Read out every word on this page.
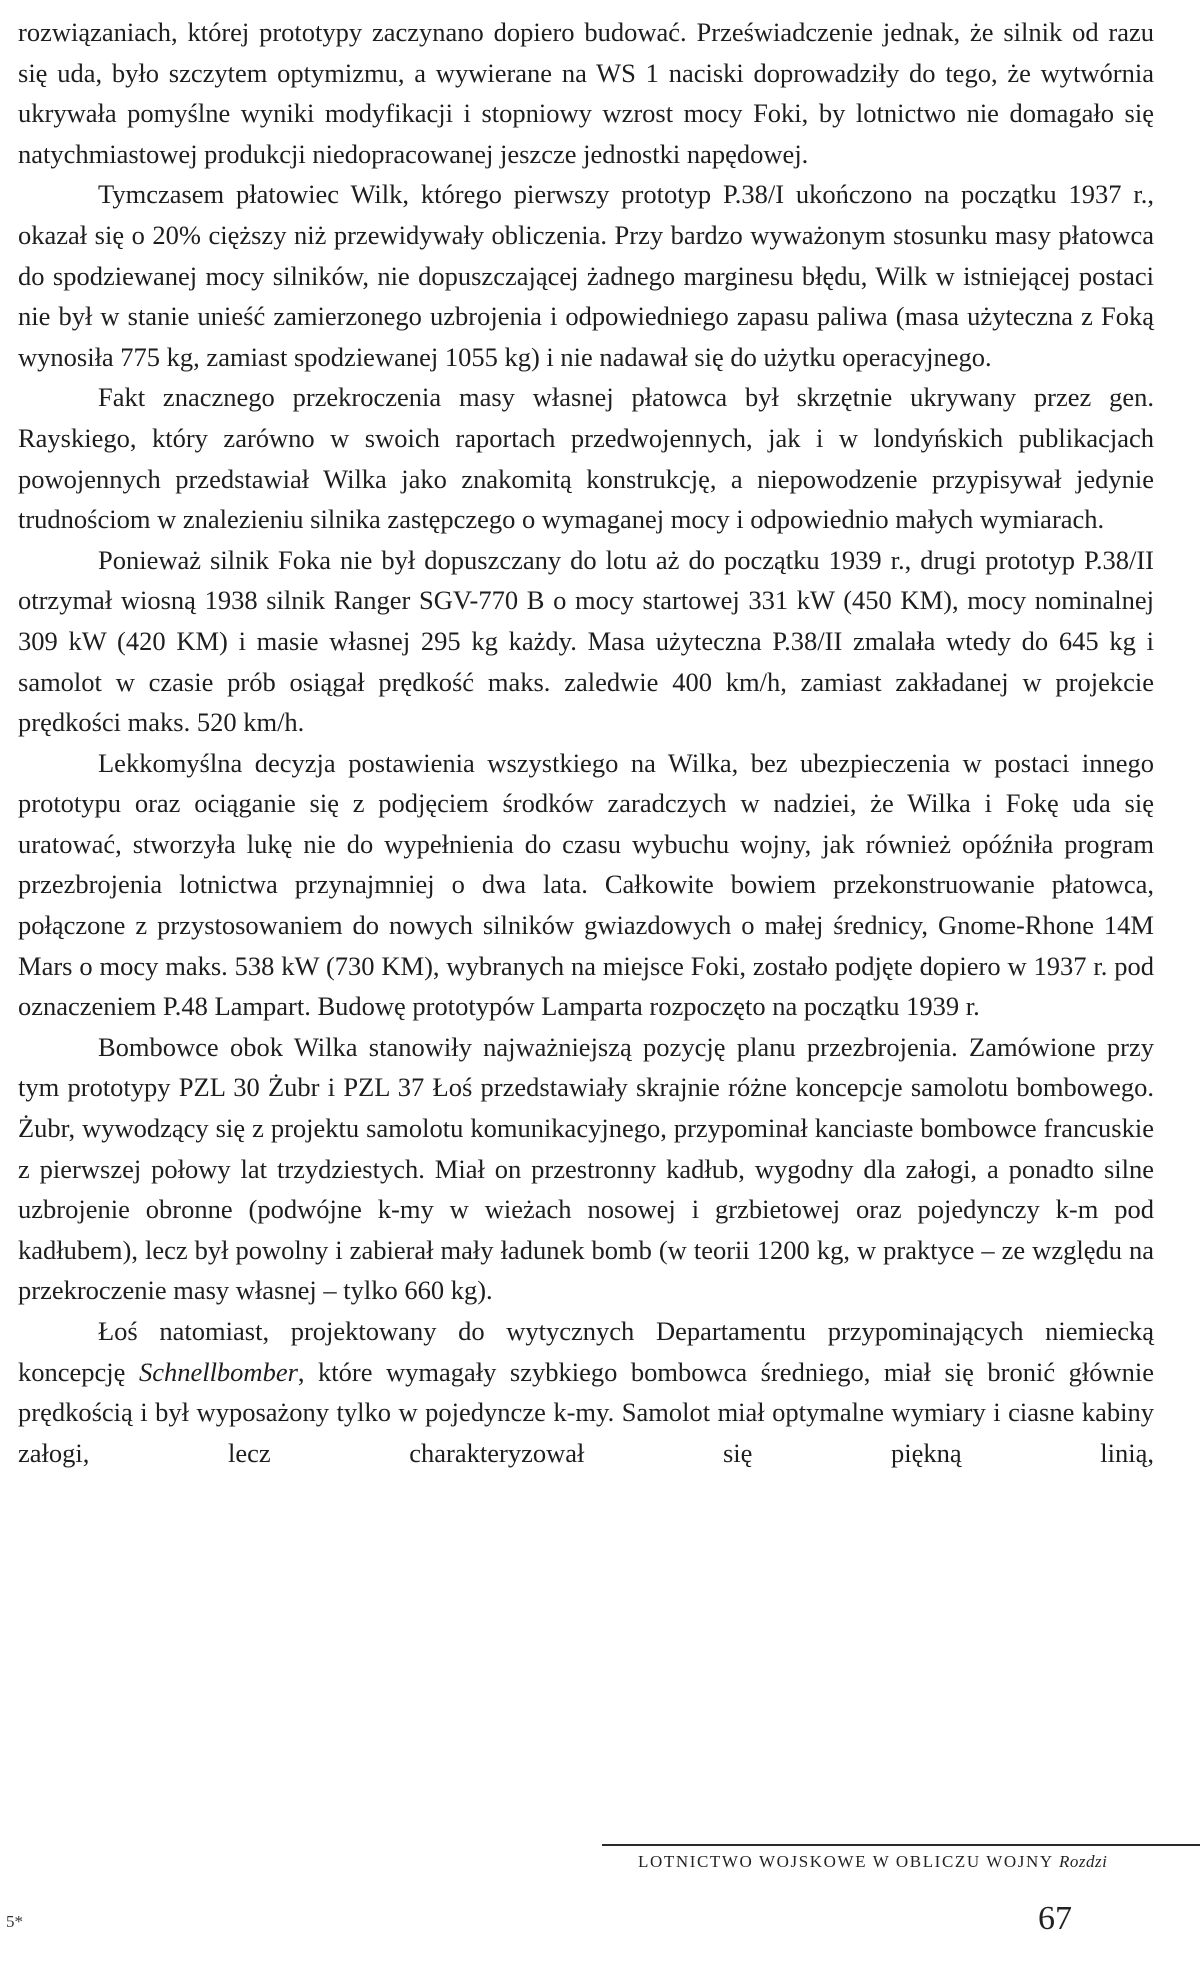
rozwiązaniach, której prototypy zaczynano dopiero budować. Przeświadczenie jednak, że silnik od razu się uda, było szczytem optymizmu, a wywierane na WS 1 naciski doprowadziły do tego, że wytwórnia ukrywała pomyślne wyniki modyfikacji i stopniowy wzrost mocy Foki, by lotnictwo nie domagało się natychmiastowej produkcji niedopracowanej jeszcze jednostki napędowej.

Tymczasem płatowiec Wilk, którego pierwszy prototyp P.38/I ukończono na początku 1937 r., okazał się o 20% cięższy niż przewidywały obliczenia. Przy bardzo wyważonym stosunku masy płatowca do spodziewanej mocy silników, nie dopuszczającej żadnego marginesu błędu, Wilk w istniejącej postaci nie był w stanie unieść zamierzonego uzbrojenia i odpowiedniego zapasu paliwa (masa użyteczna z Foką wynosiła 775 kg, zamiast spodziewanej 1055 kg) i nie nadawał się do użytku operacyjnego.

Fakt znacznego przekroczenia masy własnej płatowca był skrzętnie ukrywany przez gen. Rayskiego, który zarówno w swoich raportach przedwojennych, jak i w londyńskich publikacjach powojennych przedstawiał Wilka jako znakomitą konstrukcję, a niepowodzenie przypisywał jedynie trudnościom w znalezieniu silnika zastępczego o wymaganej mocy i odpowiednio małych wymiarach.

Ponieważ silnik Foka nie był dopuszczany do lotu aż do początku 1939 r., drugi prototyp P.38/II otrzymał wiosną 1938 silnik Ranger SGV-770 B o mocy startowej 331 kW (450 KM), mocy nominalnej 309 kW (420 KM) i masie własnej 295 kg każdy. Masa użyteczna P.38/II zmalała wtedy do 645 kg i samolot w czasie prób osiągał prędkość maks. zaledwie 400 km/h, zamiast zakładanej w projekcie prędkości maks. 520 km/h.

Lekkomyślna decyzja postawienia wszystkiego na Wilka, bez ubezpieczenia w postaci innego prototypu oraz ociąganie się z podjęciem środków zaradczych w nadziei, że Wilka i Fokę uda się uratować, stworzyła lukę nie do wypełnienia do czasu wybuchu wojny, jak również opóźniła program przezbrojenia lotnictwa przynajmniej o dwa lata. Całkowite bowiem przekonstruowanie płatowca, połączone z przystosowaniem do nowych silników gwiazdowych o małej średnicy, Gnome-Rhone 14M Mars o mocy maks. 538 kW (730 KM), wybranych na miejsce Foki, zostało podjęte dopiero w 1937 r. pod oznaczeniem P.48 Lampart. Budowę prototypów Lamparta rozpoczęto na początku 1939 r.

Bombowce obok Wilka stanowiły najważniejszą pozycję planu przezbrojenia. Zamówione przy tym prototypy PZL 30 Żubr i PZL 37 Łoś przedstawiały skrajnie różne koncepcje samolotu bombowego. Żubr, wywodzący się z projektu samolotu komunikacyjnego, przypominał kanciaste bombowce francuskie z pierwszej połowy lat trzydziestych. Miał on przestronny kadłub, wygodny dla załogi, a ponadto silne uzbrojenie obronne (podwójne k-my w wieżach nosowej i grzbietowej oraz pojedynczy k-m pod kadłubem), lecz był powolny i zabierał mały ładunek bomb (w teorii 1200 kg, w praktyce – ze względu na przekroczenie masy własnej – tylko 660 kg).

Łoś natomiast, projektowany do wytycznych Departamentu przypominających niemiecką koncepcję Schnellbomber, które wymagały szybkiego bombowca średniego, miał się bronić głównie prędkością i był wyposażony tylko w pojedyncze k-my. Samolot miał optymalne wymiary i ciasne kabiny załogi, lecz charakteryzował się piękną linią,

LOTNICTWO WOJSKOWE W OBLICZU WOJNY Rozdzi
5*	67
